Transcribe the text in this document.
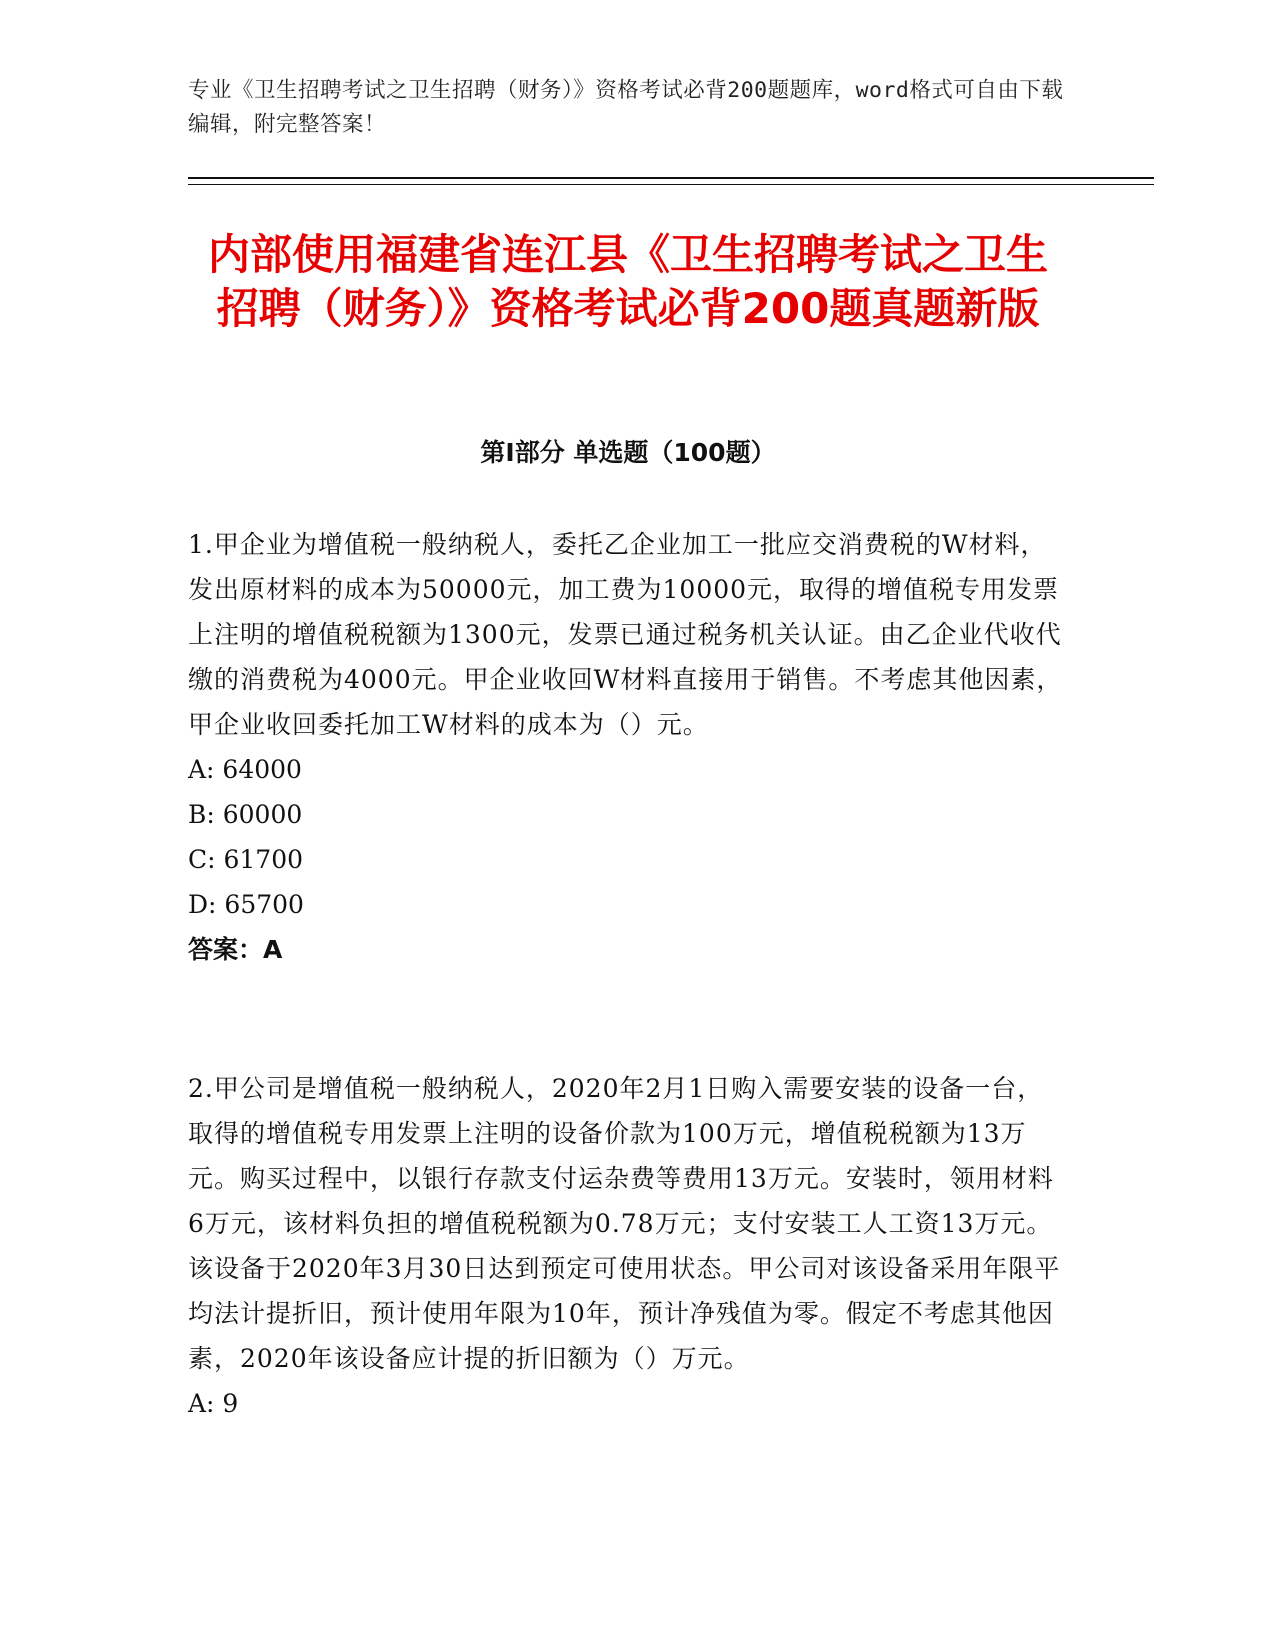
专业《卫生招聘考试之卫生招聘（财务）》资格考试必背200题题库，word格式可自由下载编辑，附完整答案！
内部使用福建省连江县《卫生招聘考试之卫生招聘（财务）》资格考试必背200题真题新版
第I部分 单选题（100题）

1.甲企业为增值税一般纳税人，委托乙企业加工一批应交消费税的W材料，发出原材料的成本为50000元，加工费为10000元，取得的增值税专用发票上注明的增值税税额为1300元，发票已通过税务机关认证。由乙企业代收代缴的消费税为4000元。甲企业收回W材料直接用于销售。不考虑其他因素，甲企业收回委托加工W材料的成本为（）元。

A: 64000

B: 60000

C: 61700

D: 65700

答案：A

2.甲公司是增值税一般纳税人，2020年2月1日购入需要安装的设备一台，取得的增值税专用发票上注明的设备价款为100万元，增值税税额为13万元。购买过程中，以银行存款支付运杂费等费用13万元。安装时，领用材料6万元，该材料负担的增值税税额为0.78万元；支付安装工人工资13万元。该设备于2020年3月30日达到预定可使用状态。甲公司对该设备采用年限平均法计提折旧，预计使用年限为10年，预计净残值为零。假定不考虑其他因素，2020年该设备应计提的折旧额为（）万元。

A: 9
